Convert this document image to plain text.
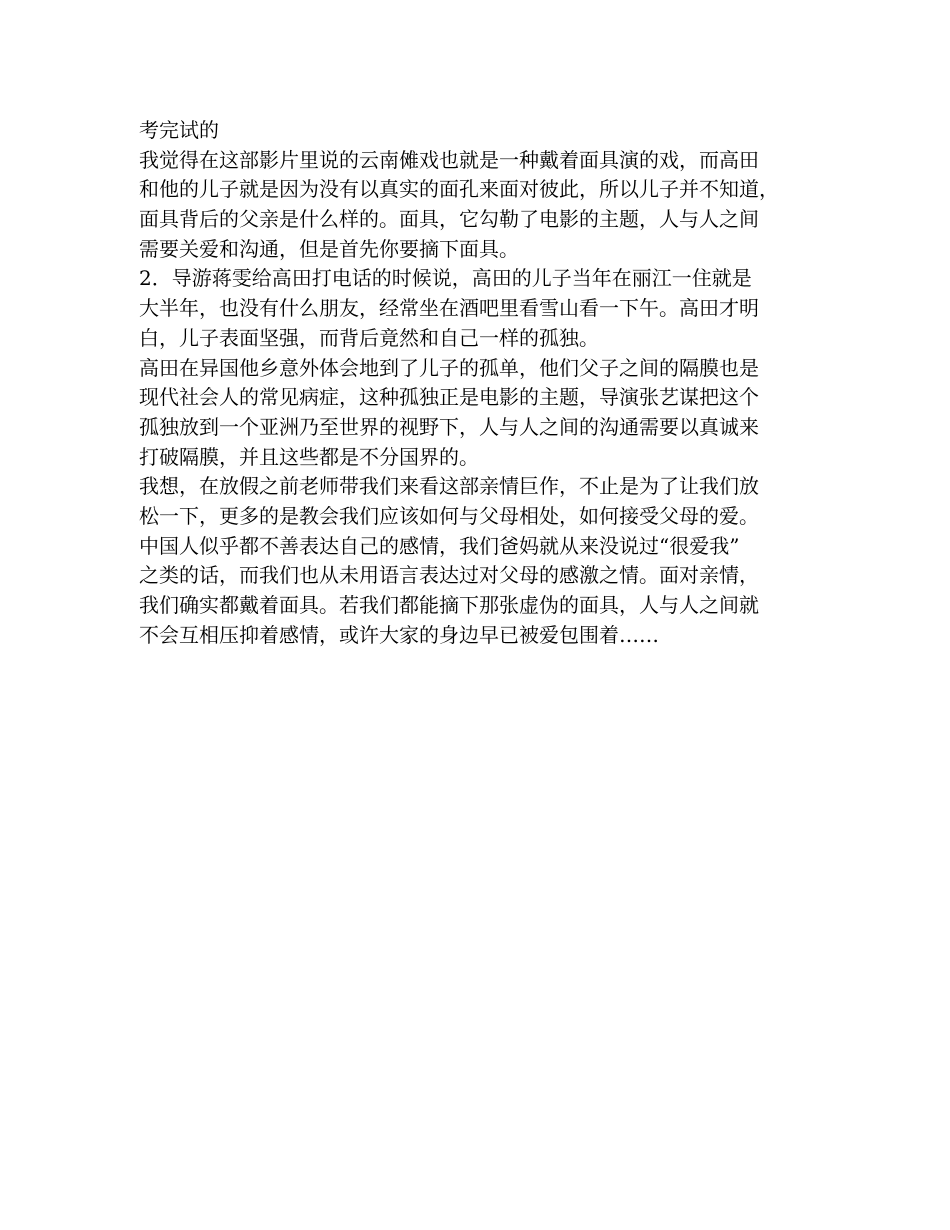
考完试的
我觉得在这部影片里说的云南傩戏也就是一种戴着面具演的戏，而高田
和他的儿子就是因为没有以真实的面孔来面对彼此，所以儿子并不知道，
面具背后的父亲是什么样的。面具，它勾勒了电影的主题，人与人之间
需要关爱和沟通，但是首先你要摘下面具。
2．导游蒋雯给高田打电话的时候说，高田的儿子当年在丽江一住就是
大半年，也没有什么朋友，经常坐在酒吧里看雪山看一下午。高田才明
白，儿子表面坚强，而背后竟然和自己一样的孤独。
高田在异国他乡意外体会地到了儿子的孤单，他们父子之间的隔膜也是
现代社会人的常见病症，这种孤独正是电影的主题，导演张艺谋把这个
孤独放到一个亚洲乃至世界的视野下，人与人之间的沟通需要以真诚来
打破隔膜，并且这些都是不分国界的。
我想，在放假之前老师带我们来看这部亲情巨作，不止是为了让我们放
松一下，更多的是教会我们应该如何与父母相处，如何接受父母的爱。
中国人似乎都不善表达自己的感情，我们爸妈就从来没说过“很爱我”
之类的话，而我们也从未用语言表达过对父母的感激之情。面对亲情，
我们确实都戴着面具。若我们都能摘下那张虚伪的面具，人与人之间就
不会互相压抑着感情，或许大家的身边早已被爱包围着……
